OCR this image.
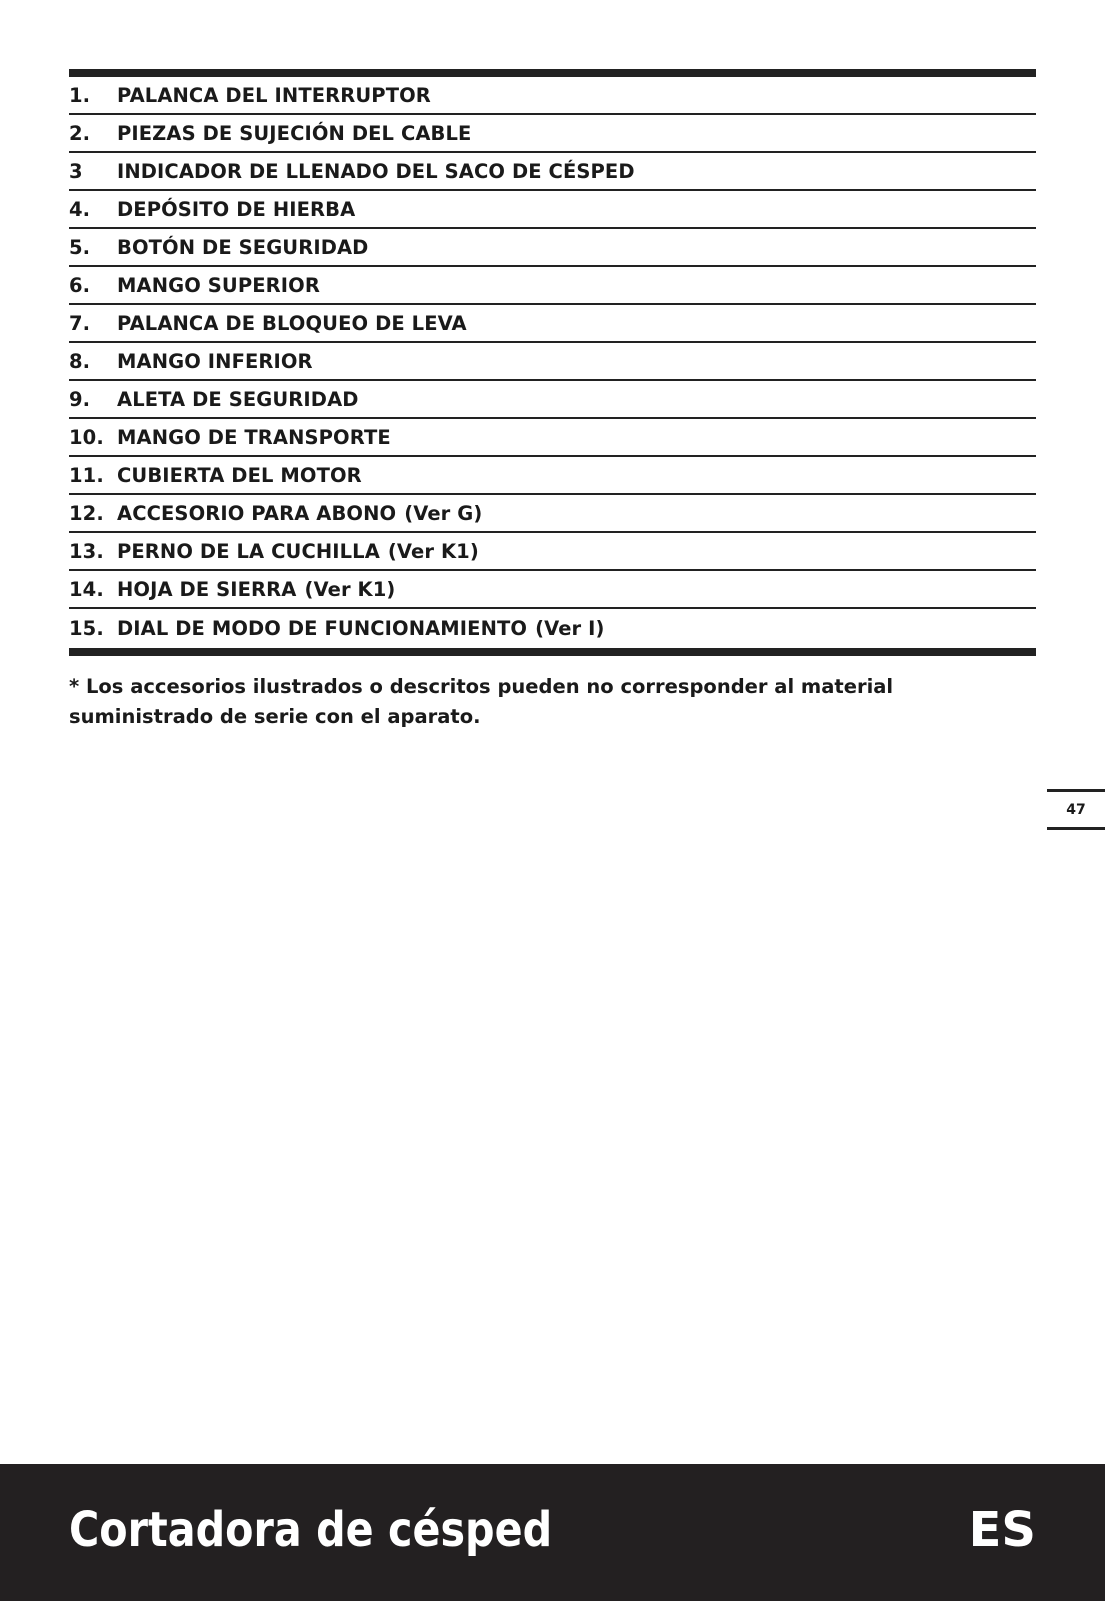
1.	PALANCA DEL INTERRUPTOR
2.	PIEZAS DE SUJECIÓN DEL CABLE
3	INDICADOR DE LLENADO DEL SACO DE CÉSPED
4.	DEPÓSITO DE HIERBA
5.	BOTÓN DE SEGURIDAD
6.	MANGO SUPERIOR
7.	PALANCA DE BLOQUEO DE LEVA
8.	MANGO INFERIOR
9.	ALETA DE SEGURIDAD
10. MANGO DE TRANSPORTE
11. CUBIERTA DEL MOTOR
12. ACCESORIO PARA ABONO (Ver G)
13. PERNO DE LA CUCHILLA (Ver K1)
14. HOJA DE SIERRA (Ver K1)
15. DIAL DE MODO DE FUNCIONAMIENTO (Ver I)
* Los accesorios ilustrados o descritos pueden no corresponder al material suministrado de serie con el aparato.
47
Cortadora de césped	ES
